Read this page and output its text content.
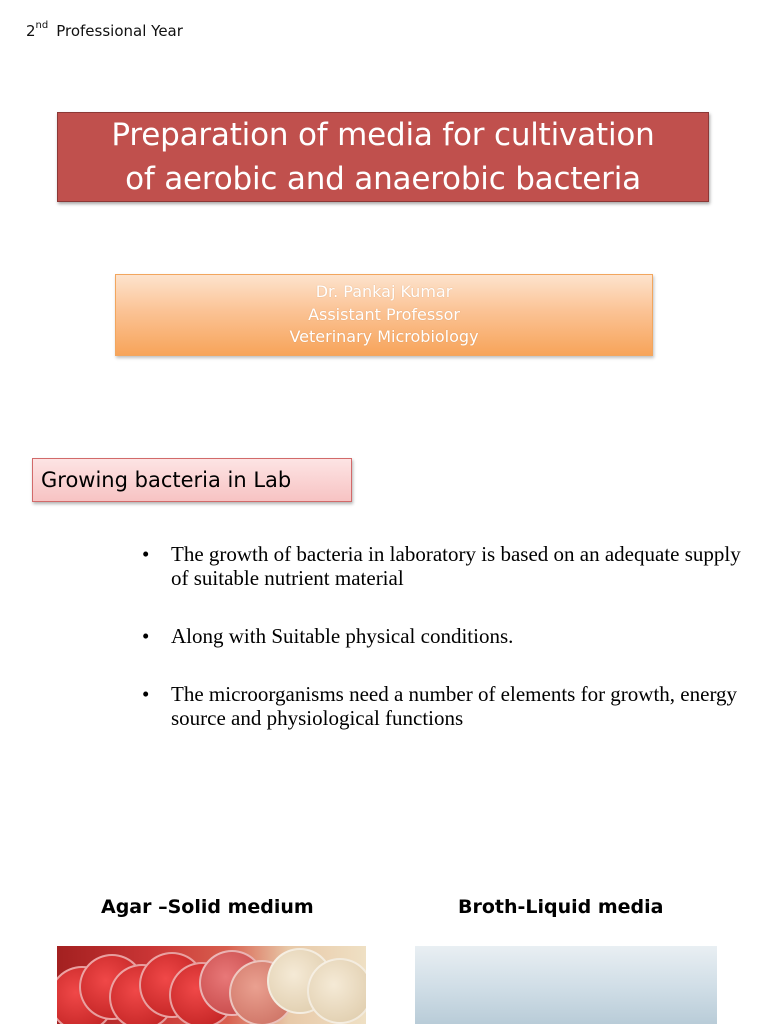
2nd Professional Year
Preparation of media for cultivation
of aerobic and anaerobic bacteria
Dr. Pankaj Kumar
Assistant Professor
Veterinary Microbiology
Growing bacteria in Lab
• The growth of bacteria in laboratory is based on an adequate supply of suitable nutrient material
• Along with Suitable physical conditions.
• The microorganisms need a number of elements for growth, energy source and physiological functions
Agar –Solid medium	Broth-Liquid media
